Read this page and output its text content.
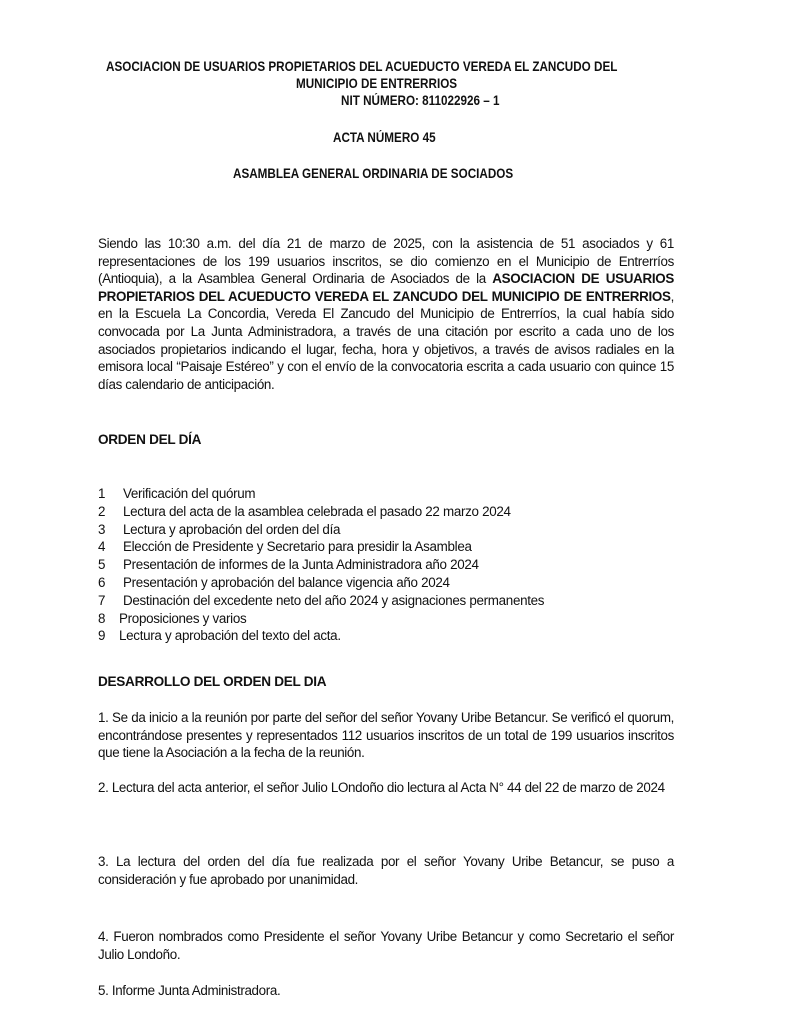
ASOCIACION DE USUARIOS PROPIETARIOS DEL ACUEDUCTO VEREDA EL ZANCUDO DEL
MUNICIPIO DE ENTRERRIOS
NIT NÚMERO: 811022926 – 1
ACTA NÚMERO 45
ASAMBLEA GENERAL ORDINARIA DE SOCIADOS
Siendo las 10:30 a.m. del día 21 de marzo de 2025, con la asistencia de 51 asociados y 61 representaciones de los 199 usuarios inscritos, se dio comienzo en el Municipio de Entrerríos (Antioquia), a la Asamblea General Ordinaria de Asociados de la ASOCIACION DE USUARIOS PROPIETARIOS DEL ACUEDUCTO VEREDA EL ZANCUDO DEL MUNICIPIO DE ENTRERRIOS, en la Escuela La Concordia, Vereda El Zancudo del Municipio de Entrerríos, la cual había sido convocada por La Junta Administradora, a través de una citación por escrito a cada uno de los asociados propietarios indicando el lugar, fecha, hora y objetivos, a través de avisos radiales en la emisora local “Paisaje Estéreo” y con el envío de la convocatoria escrita a cada usuario con quince 15 días calendario de anticipación.
ORDEN DEL DÍA
1 Verificación del quórum
2 Lectura del acta de la asamblea celebrada el pasado 22 marzo 2024
3 Lectura y aprobación del orden del día
4 Elección de Presidente y Secretario para presidir la Asamblea
5 Presentación de informes de la Junta Administradora año 2024
6 Presentación y aprobación del balance vigencia año 2024
7 Destinación del excedente neto del año 2024 y asignaciones permanentes
8 Proposiciones y varios
9 Lectura y aprobación del texto del acta.
DESARROLLO DEL ORDEN DEL DIA
1. Se da inicio a la reunión por parte del señor del señor Yovany Uribe Betancur. Se verificó el quorum, encontrándose presentes y representados 112 usuarios inscritos de un total de 199 usuarios inscritos que tiene la Asociación a la fecha de la reunión.
2. Lectura del acta anterior, el señor Julio LOndoño dio lectura al Acta N° 44 del 22 de marzo de 2024
3. La lectura del orden del día fue realizada por el señor Yovany Uribe Betancur, se puso a consideración y fue aprobado por unanimidad.
4. Fueron nombrados como Presidente el señor Yovany Uribe Betancur y como Secretario el señor Julio Londoño.
5. Informe Junta Administradora.
